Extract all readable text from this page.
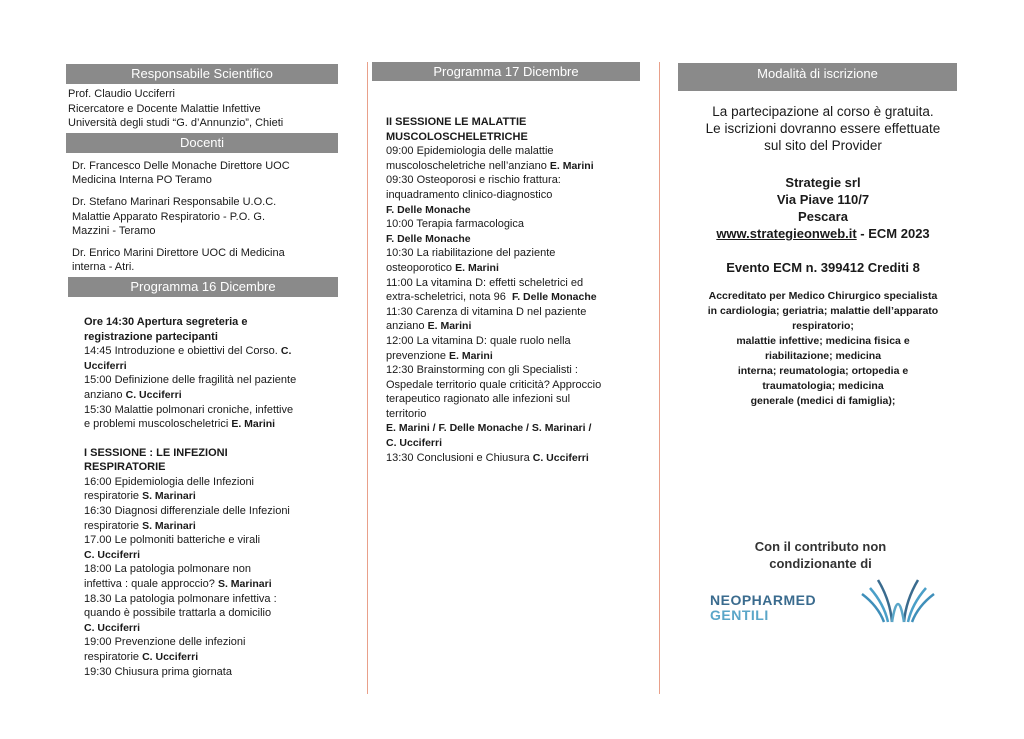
Responsabile Scientifico
Prof. Claudio Ucciferri
Ricercatore e Docente Malattie Infettive
Università degli studi “G. d’Annunzio”, Chieti
Docenti
Dr. Francesco Delle Monache Direttore UOC
Medicina Interna PO Teramo
Dr. Stefano Marinari Responsabile U.O.C.
Malattie Apparato Respiratorio - P.O. G.
Mazzini - Teramo
Dr. Enrico Marini Direttore UOC di Medicina
interna - Atri.
Programma 16 Dicembre
Ore 14:30 Apertura segreteria e
registrazione partecipanti
14:45 Introduzione e obiettivi del Corso. C.
Ucciferri
15:00 Definizione delle fragilità nel paziente
anziano C. Ucciferri
15:30 Malattie polmonari croniche, infettive
e problemi muscoloscheletrici E. Marini
I SESSIONE : LE INFEZIONI
RESPIRATORIE
16:00 Epidemiologia delle Infezioni
respiratorie S. Marinari
16:30 Diagnosi differenziale delle Infezioni
respiratorie S. Marinari
17.00 Le polmoniti batteriche e virali
C. Ucciferri
18:00 La patologia polmonare non
infettiva : quale approccio? S. Marinari
18.30 La patologia polmonare infettiva :
quando è possibile trattarla a domicilio
C. Ucciferri
19:00 Prevenzione delle infezioni
respiratorie C. Ucciferri
19:30 Chiusura prima giornata
Programma 17 Dicembre
II SESSIONE LE MALATTIE
MUSCOLOSCHELETRICHE
09:00 Epidemiologia delle malattie
muscoloscheletriche nell’anziano E. Marini
09:30 Osteoporosi e rischio frattura:
inquadramento clinico-diagnostico
F. Delle Monache
10:00 Terapia farmacologica
F. Delle Monache
10:30 La riabilitazione del paziente
osteoporotico E. Marini
11:00 La vitamina D: effetti scheletrici ed
extra-scheletrici, nota 96 F. Delle Monache
11:30 Carenza di vitamina D nel paziente
anziano E. Marini
12:00 La vitamina D: quale ruolo nella
prevenzione E. Marini
12:30 Brainstorming con gli Specialisti :
Ospedale territorio quale criticità? Approccio
terapeutico ragionato alle infezioni sul
territorio
E. Marini / F. Delle Monache / S. Marinari /
C. Ucciferri
13:30 Conclusioni e Chiusura C. Ucciferri
Modalità di iscrizione
La partecipazione al corso è gratuita.
Le iscrizioni dovranno essere effettuate
sul sito del Provider
Strategie srl
Via Piave 110/7
Pescara
www.strategieonweb.it - ECM 2023
Evento ECM n. 399412 Crediti 8
Accreditato per Medico Chirurgico specialista
in cardiologia; geriatria; malattie dell’apparato
respiratorio;
malattie infettive; medicina fisica e
riabilitazione; medicina
interna; reumatologia; ortopedia e
traumatologia; medicina
generale (medici di famiglia);
Con il contributo non
condizionante di
NEOPHARMED
GENTILI
